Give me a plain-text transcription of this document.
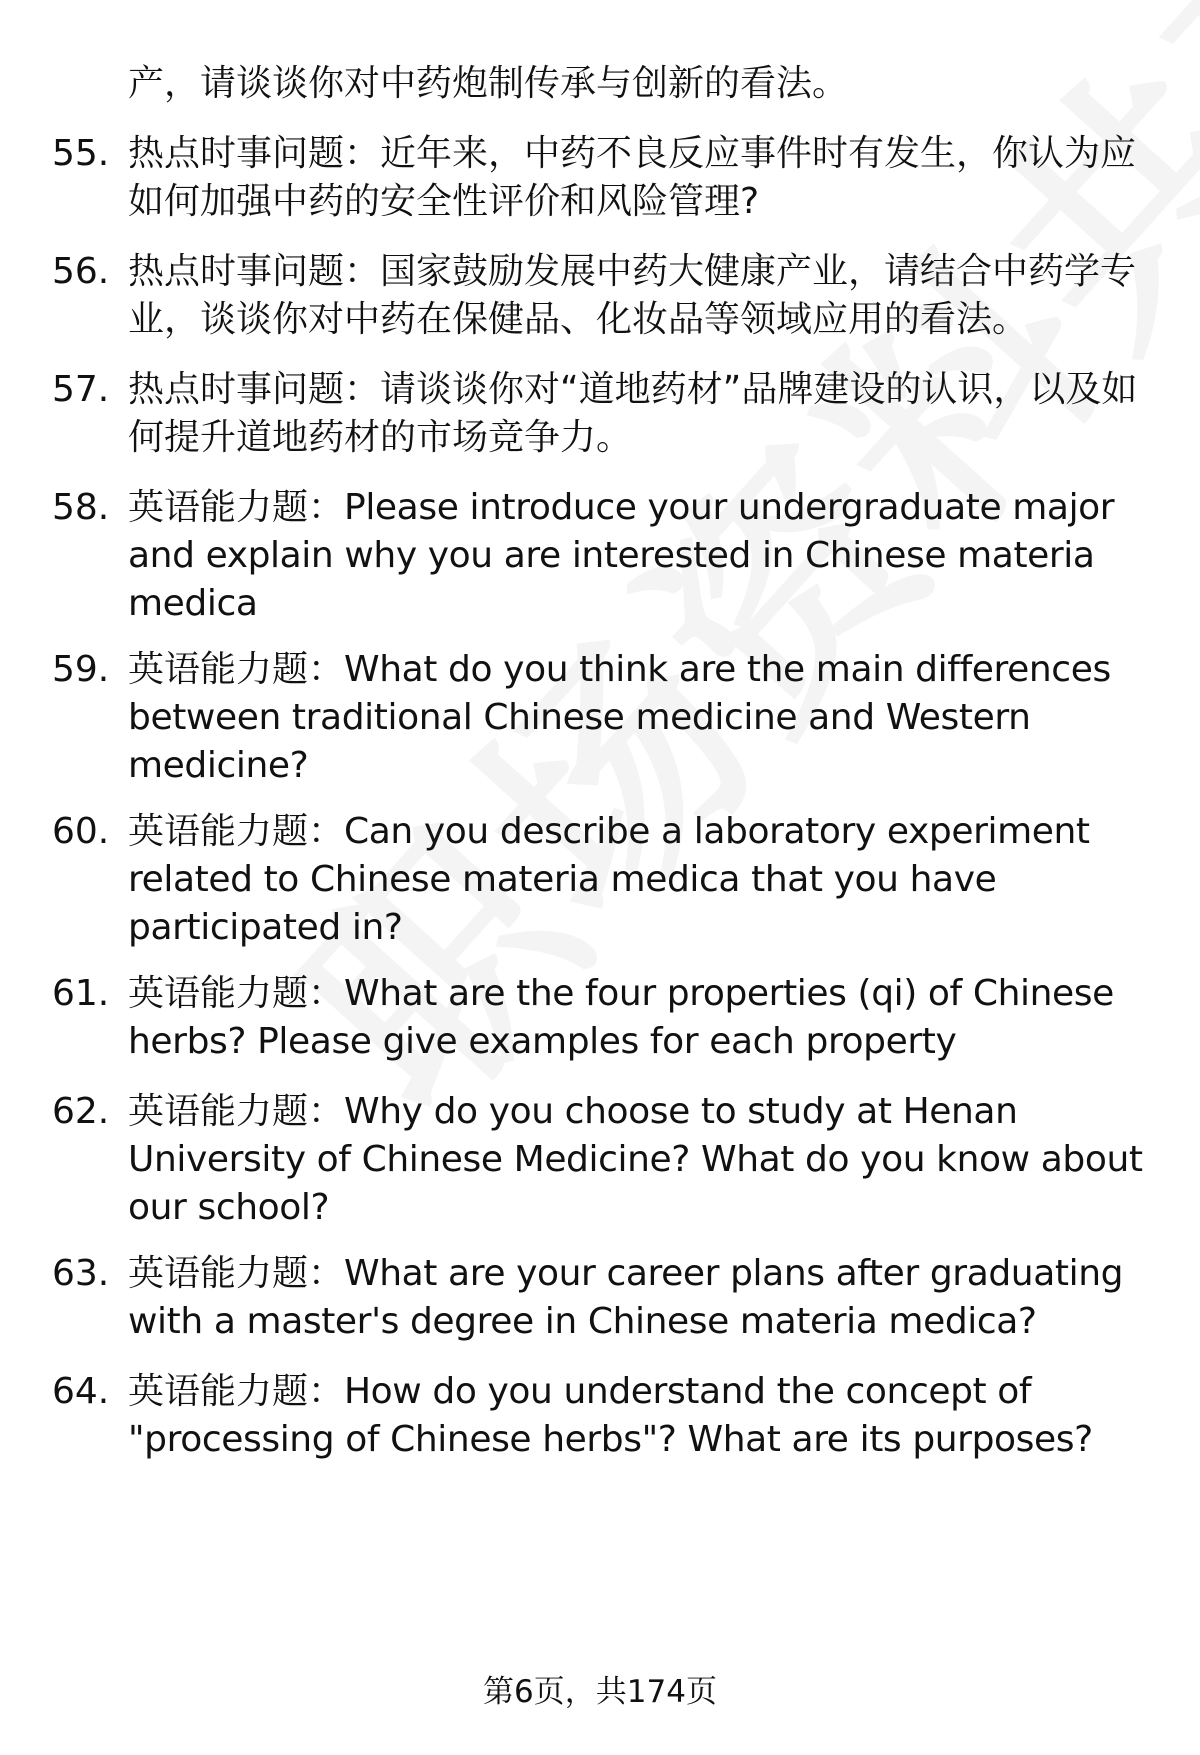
产，请谈谈你对中药炮制传承与创新的看法。
55. 热点时事问题：近年来，中药不良反应事件时有发生，你认为应如何加强中药的安全性评价和风险管理?
56. 热点时事问题：国家鼓励发展中药大健康产业，请结合中药学专业，谈谈你对中药在保健品、化妆品等领域应用的看法。
57. 热点时事问题：请谈谈你对“道地药材”品牌建设的认识，以及如何提升道地药材的市场竞争力。
58. 英语能力题：Please introduce your undergraduate major and explain why you are interested in Chinese materia medica
59. 英语能力题：What do you think are the main differences between traditional Chinese medicine and Western medicine?
60. 英语能力题：Can you describe a laboratory experiment related to Chinese materia medica that you have participated in?
61. 英语能力题：What are the four properties (qi) of Chinese herbs? Please give examples for each property
62. 英语能力题：Why do you choose to study at Henan University of Chinese Medicine? What do you know about our school?
63. 英语能力题：What are your career plans after graduating with a master's degree in Chinese materia medica?
64. 英语能力题：How do you understand the concept of "processing of Chinese herbs"? What are its purposes?
第6页，共174页
